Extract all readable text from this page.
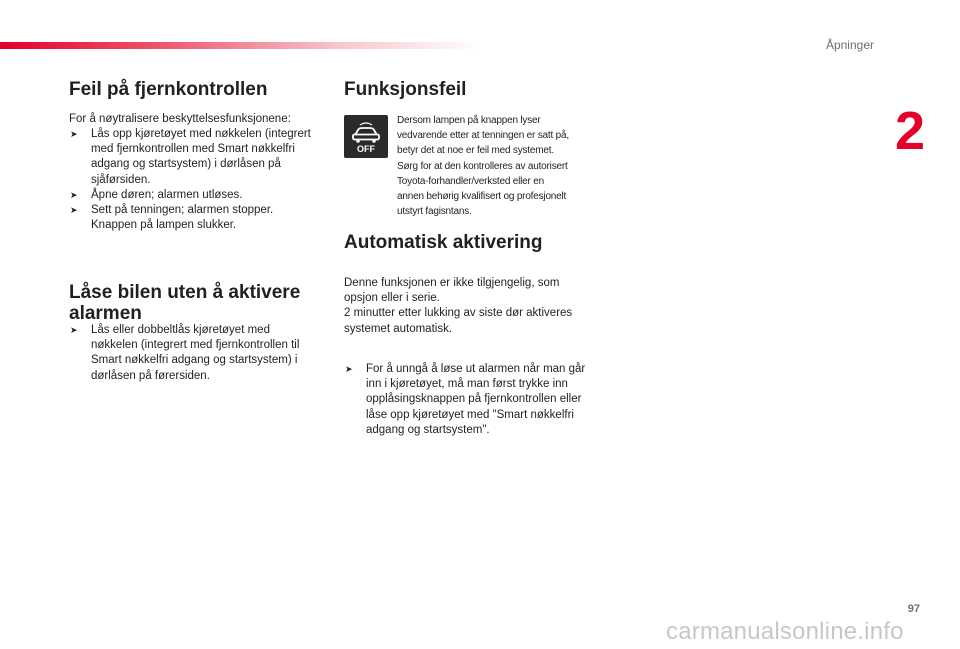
Åpninger
2
Feil på fjernkontrollen

For å nøytralisere beskyttelsesfunksjonene:

➤ Lås opp kjøretøyet med nøkkelen (integrert
med fjernkontrollen med Smart nøkkelfri
adgang og startsystem) i dørlåsen på
sjåførsiden.
➤ Åpne døren; alarmen utløses.
➤ Sett på tenningen; alarmen stopper.
Knappen på lampen slukker.
Låse bilen uten å aktivere
alarmen
➤ Lås eller dobbeltlås kjøretøyet med
nøkkelen (integrert med fjernkontrollen til
Smart nøkkelfri adgang og startsystem) i
dørlåsen på førersiden.
Funksjonsfeil
OFF

Dersom lampen på knappen lyser
vedvarende etter at tenningen er satt på,
betyr det at noe er feil med systemet.
Sørg for at den kontrolleres av autorisert
Toyota-forhandler/verksted eller en
annen behørig kvalifisert og profesjonelt
utstyrt fagisntans.

Automatisk aktivering

Denne funksjonen er ikke tilgjengelig, som
opsjon eller i serie.
2 minutter etter lukking av siste dør aktiveres
systemet automatisk.

➤ For å unngå å løse ut alarmen når man går
inn i kjøretøyet, må man først trykke inn
opplåsingsknappen på fjernkontrollen eller
låse opp kjøretøyet med "Smart nøkkelfri
adgang og startsystem".
97
carmanualsonline.info
